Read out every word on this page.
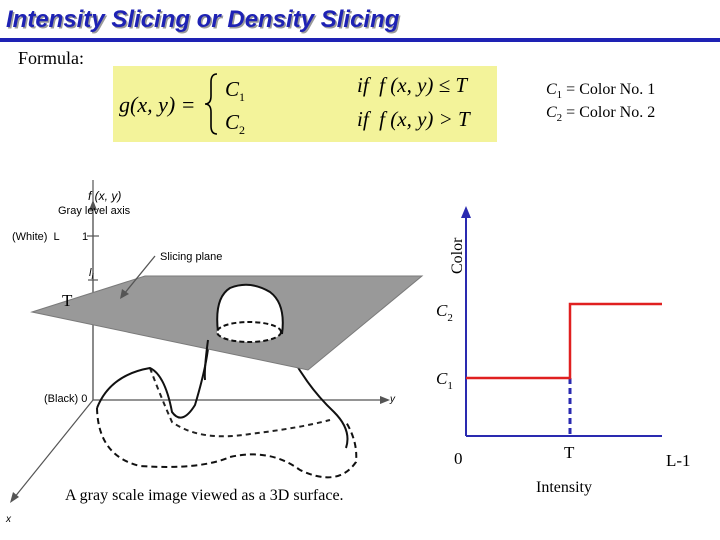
Intensity Slicing or Density Slicing
Formula:
g(x, y) =
$C_1$
$C_2$
if  f (x, y) ≤ T
if  f (x, y) > T
$C_1$ = Color No. 1
$C_2$ = Color No. 2
f (x, y)
Gray level axis
(White)  L 1
$l_i$
Slicing plane
(Black) 0	y
x
T
Color
Intensity
0	T	L-1
$C_1$
$C_2$
A gray scale image viewed as a 3D surface.
